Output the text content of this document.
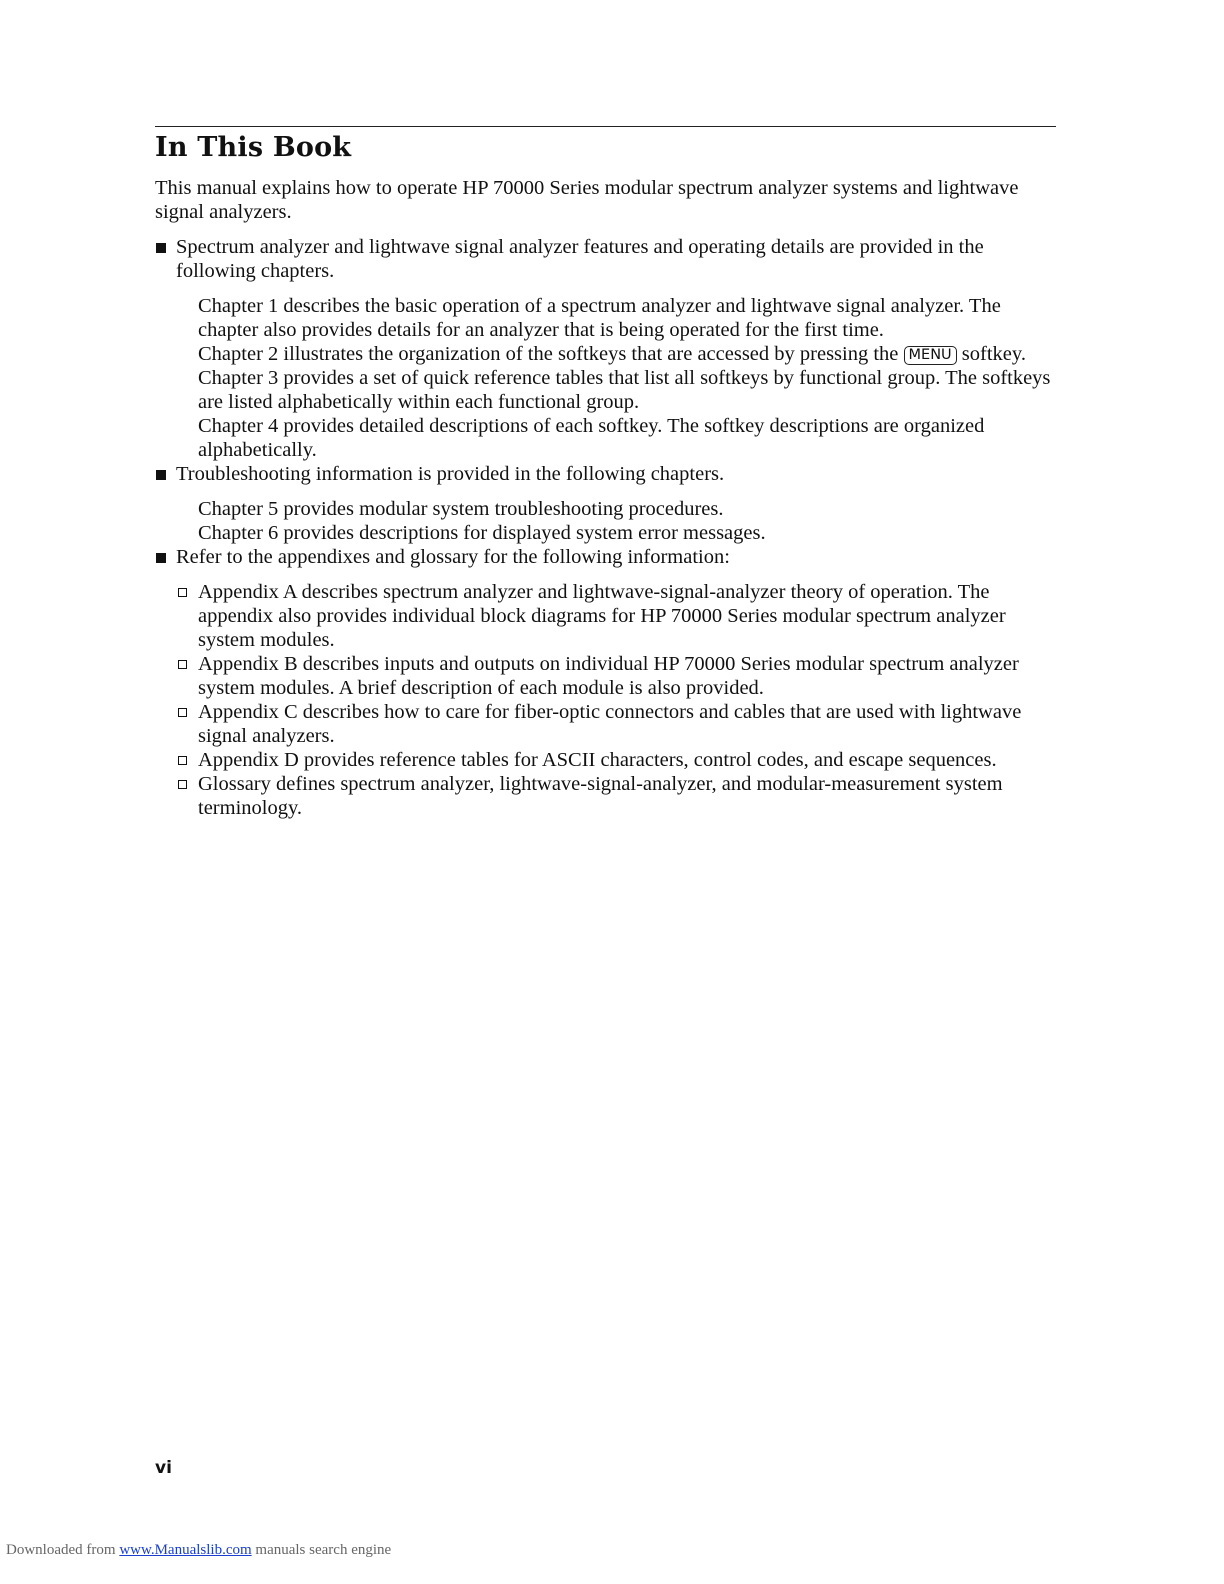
In This Book

This manual explains how to operate HP 70000 Series modular spectrum analyzer systems and lightwave signal analyzers.

Spectrum analyzer and lightwave signal analyzer features and operating details are provided in the following chapters.

Chapter 1 describes the basic operation of a spectrum analyzer and lightwave signal analyzer. The chapter also provides details for an analyzer that is being operated for the first time.

Chapter 2 illustrates the organization of the softkeys that are accessed by pressing the MENU softkey.

Chapter 3 provides a set of quick reference tables that list all softkeys by functional group. The softkeys are listed alphabetically within each functional group.

Chapter 4 provides detailed descriptions of each softkey. The softkey descriptions are organized alphabetically.

Troubleshooting information is provided in the following chapters.

Chapter 5 provides modular system troubleshooting procedures.

Chapter 6 provides descriptions for displayed system error messages.

Refer to the appendixes and glossary for the following information:
Appendix A describes spectrum analyzer and lightwave-signal-analyzer theory of operation. The appendix also provides individual block diagrams for HP 70000 Series modular spectrum analyzer system modules.
Appendix B describes inputs and outputs on individual HP 70000 Series modular spectrum analyzer system modules. A brief description of each module is also provided.
Appendix C describes how to care for fiber-optic connectors and cables that are used with lightwave signal analyzers.
Appendix D provides reference tables for ASCII characters, control codes, and escape sequences.
Glossary defines spectrum analyzer, lightwave-signal-analyzer, and modular-measurement system terminology.
vi
Downloaded from www.Manualslib.com manuals search engine
